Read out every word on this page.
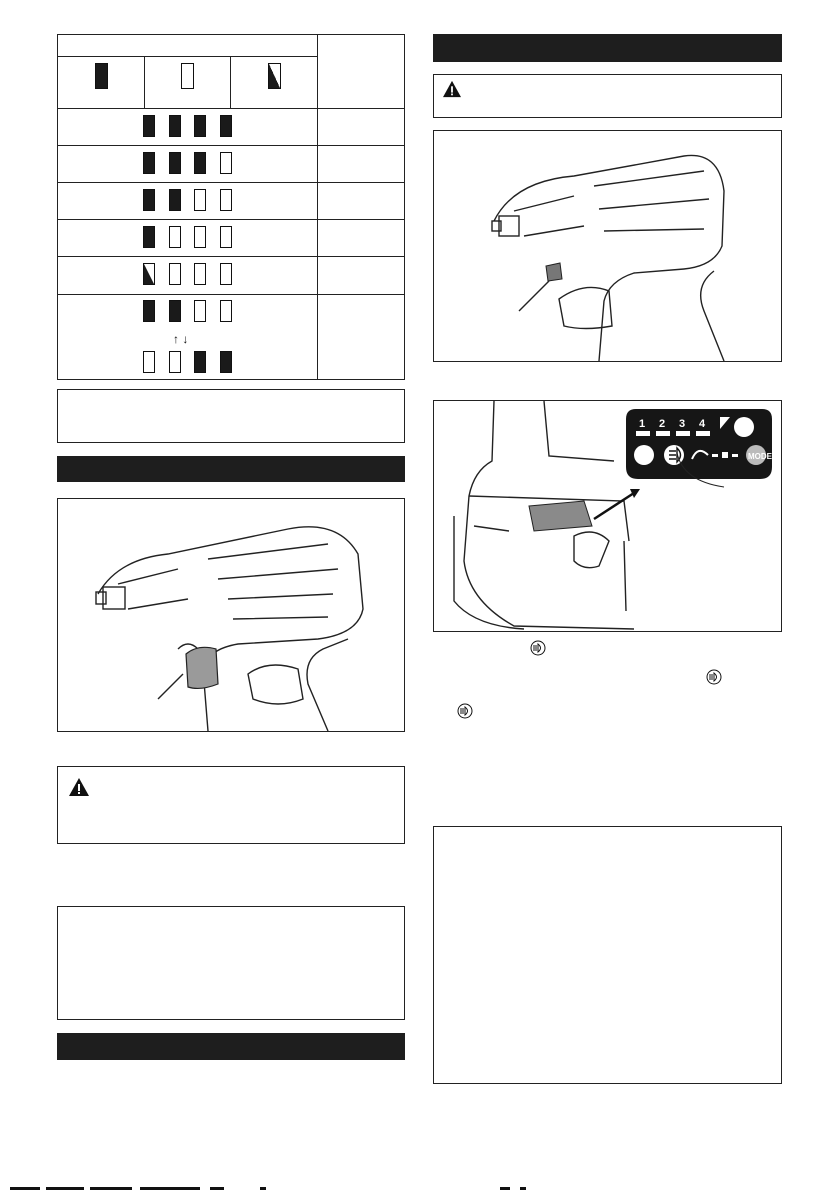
↑ ↓
1 2 3 4
MODE
